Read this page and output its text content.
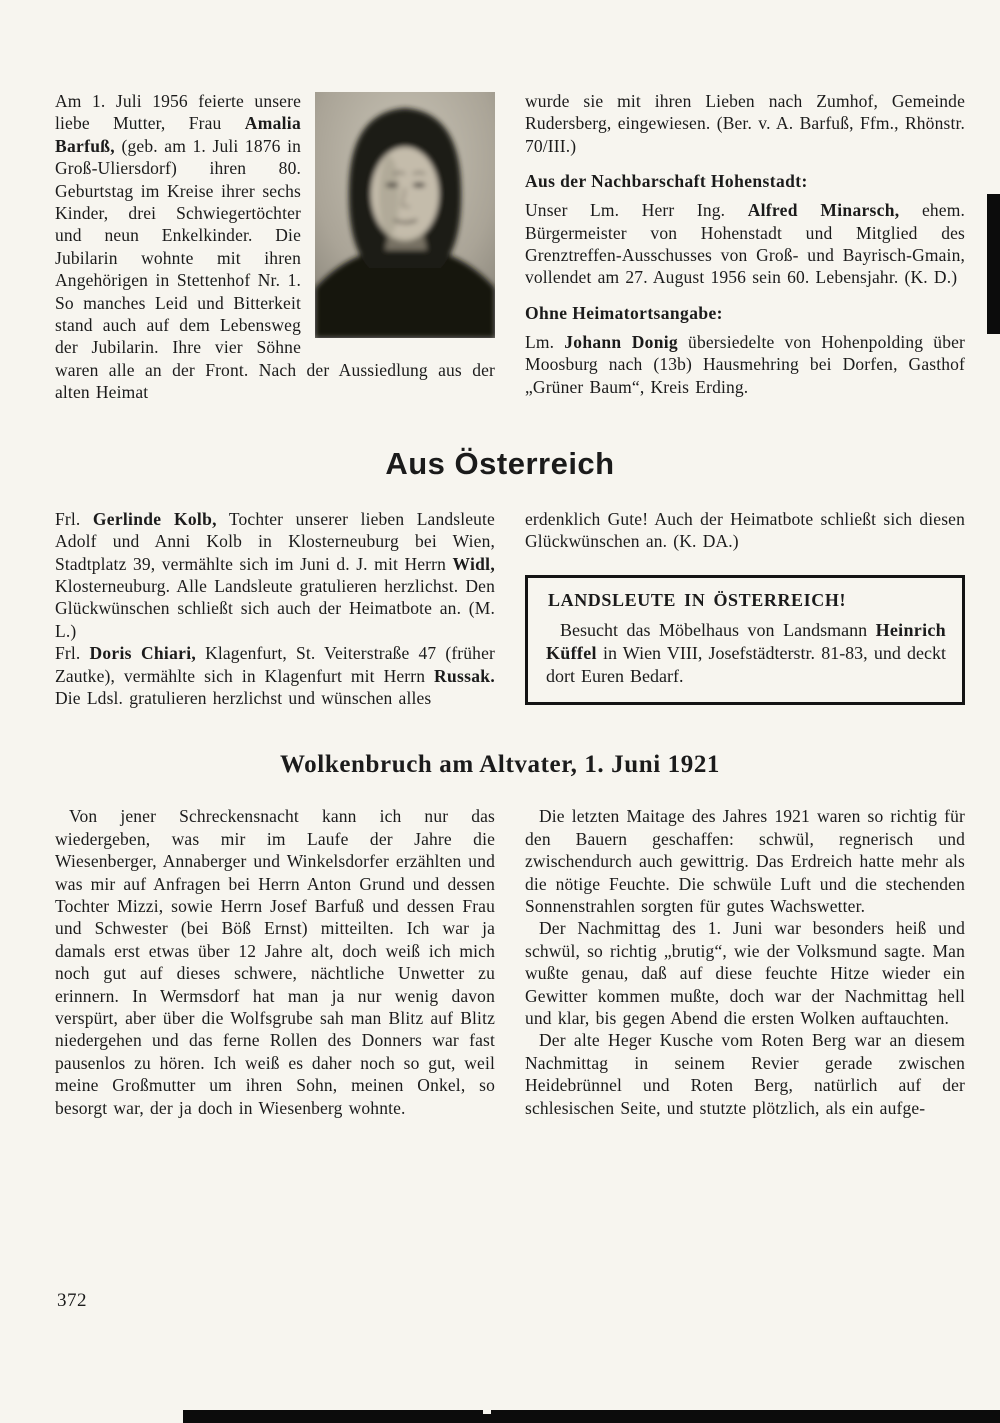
Am 1. Juli 1956 feierte unsere liebe Mutter, Frau Amalia Barfuß, (geb. am 1. Juli 1876 in Groß-Uliersdorf) ihren 80. Geburtstag im Kreise ihrer sechs Kinder, drei Schwiegertöchter und neun Enkelkinder. Die Jubilarin wohnte mit ihren Angehörigen in Stettenhof Nr. 1. So manches Leid und Bitterkeit stand auch auf dem Lebensweg der Jubilarin. Ihre vier Söhne waren alle an der Front. Nach der Aussiedlung aus der alten Heimat

wurde sie mit ihren Lieben nach Zumhof, Gemeinde Rudersberg, eingewiesen. (Ber. v. A. Barfuß, Ffm., Rhönstr. 70/III.)

Aus der Nachbarschaft Hohenstadt:

Unser Lm. Herr Ing. Alfred Minarsch, ehem. Bürgermeister von Hohenstadt und Mitglied des Grenztreffen-Ausschusses von Groß- und Bayrisch-Gmain, vollendet am 27. August 1956 sein 60. Lebensjahr. (K. D.)

Ohne Heimatortsangabe:

Lm. Johann Donig übersiedelte von Hohenpolding über Moosburg nach (13b) Hausmehring bei Dorfen, Gasthof „Grüner Baum“, Kreis Erding.

Aus Österreich

Frl. Gerlinde Kolb, Tochter unserer lieben Landsleute Adolf und Anni Kolb in Klosterneuburg bei Wien, Stadtplatz 39, vermählte sich im Juni d. J. mit Herrn Widl, Klosterneuburg. Alle Landsleute gratulieren herzlichst. Den Glückwünschen schließt sich auch der Heimatbote an. (M. L.)

Frl. Doris Chiari, Klagenfurt, St. Veiterstraße 47 (früher Zautke), vermählte sich in Klagenfurt mit Herrn Russak. Die Ldsl. gratulieren herzlichst und wünschen alles

erdenklich Gute! Auch der Heimatbote schließt sich diesen Glückwünschen an. (K. DA.)

LANDSLEUTE IN ÖSTERREICH!

Besucht das Möbelhaus von Landsmann Heinrich Küffel in Wien VIII, Josefstädterstr. 81-83, und deckt dort Euren Bedarf.

Wolkenbruch am Altvater, 1. Juni 1921

Von jener Schreckensnacht kann ich nur das wiedergeben, was mir im Laufe der Jahre die Wiesenberger, Annaberger und Winkelsdorfer erzählten und was mir auf Anfragen bei Herrn Anton Grund und dessen Tochter Mizzi, sowie Herrn Josef Barfuß und dessen Frau und Schwester (bei Böß Ernst) mitteilten. Ich war ja damals erst etwas über 12 Jahre alt, doch weiß ich mich noch gut auf dieses schwere, nächtliche Unwetter zu erinnern. In Wermsdorf hat man ja nur wenig davon verspürt, aber über die Wolfsgrube sah man Blitz auf Blitz niedergehen und das ferne Rollen des Donners war fast pausenlos zu hören. Ich weiß es daher noch so gut, weil meine Großmutter um ihren Sohn, meinen Onkel, so besorgt war, der ja doch in Wiesenberg wohnte.

Die letzten Maitage des Jahres 1921 waren so richtig für den Bauern geschaffen: schwül, regnerisch und zwischendurch auch gewittrig. Das Erdreich hatte mehr als die nötige Feuchte. Die schwüle Luft und die stechenden Sonnenstrahlen sorgten für gutes Wachswetter.

Der Nachmittag des 1. Juni war besonders heiß und schwül, so richtig „brutig“, wie der Volksmund sagte. Man wußte genau, daß auf diese feuchte Hitze wieder ein Gewitter kommen mußte, doch war der Nachmittag hell und klar, bis gegen Abend die ersten Wolken auftauchten.

Der alte Heger Kusche vom Roten Berg war an diesem Nachmittag in seinem Revier gerade zwischen Heidebrünnel und Roten Berg, natürlich auf der schlesischen Seite, und stutzte plötzlich, als ein aufge-

372
